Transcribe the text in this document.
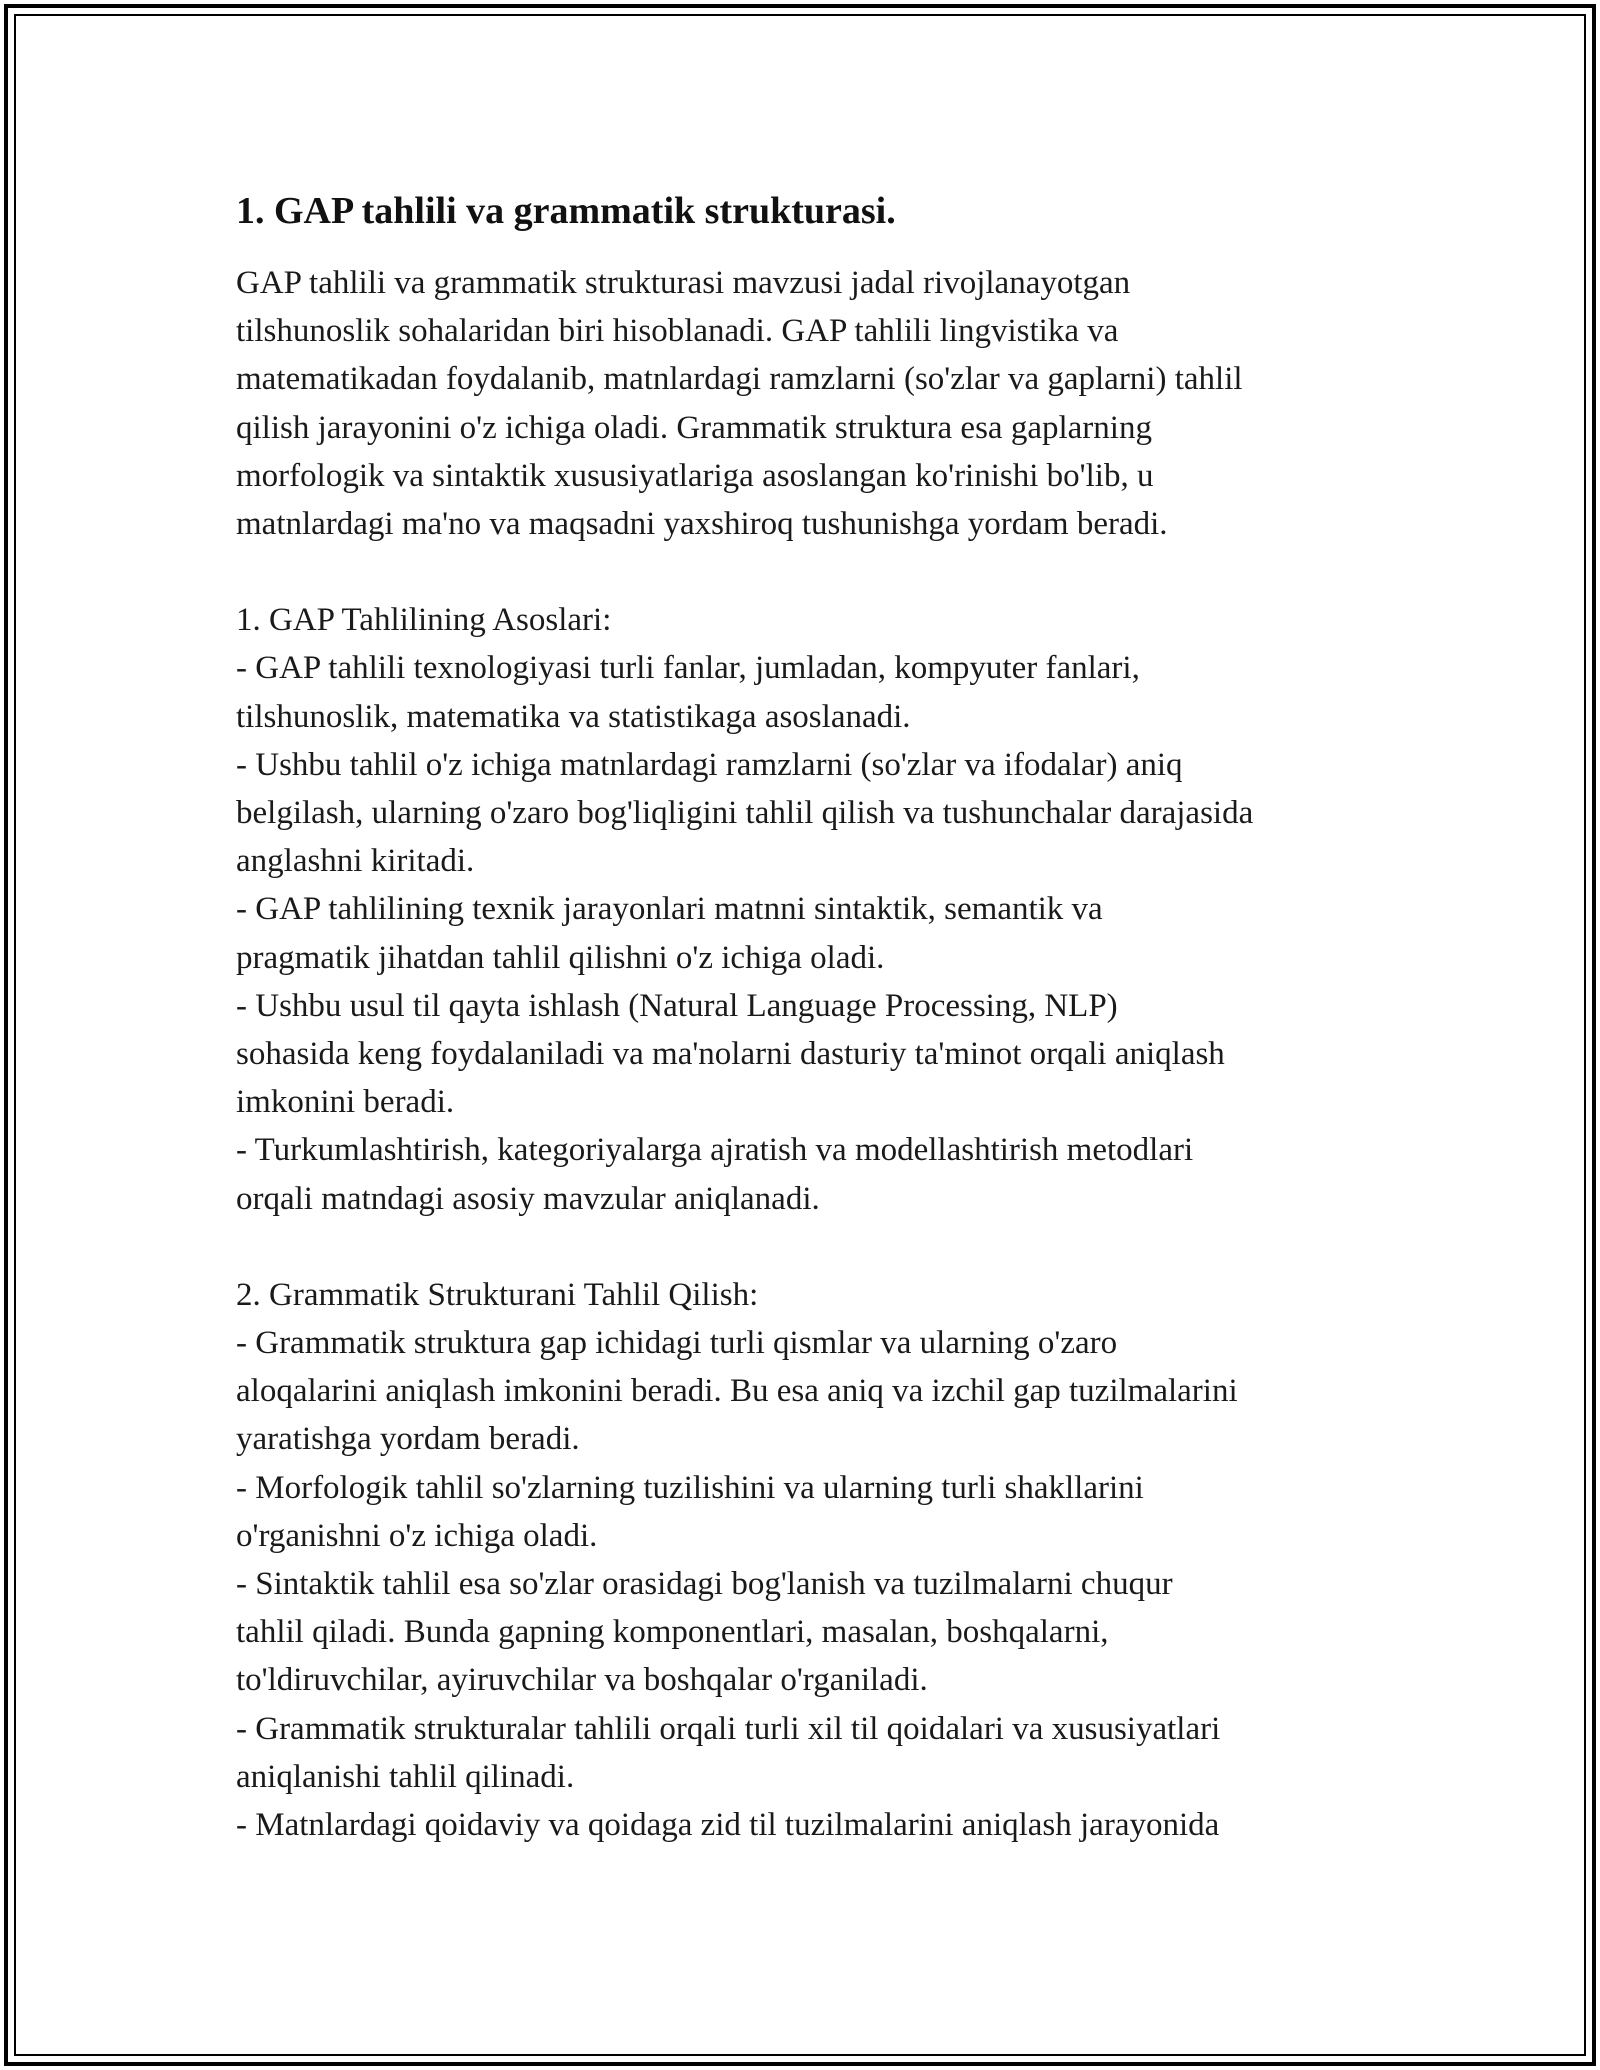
1. GAP tahlili va grammatik strukturasi.

GAP tahlili va grammatik strukturasi mavzusi jadal rivojlanayotgan
tilshunoslik sohalaridan biri hisoblanadi. GAP tahlili lingvistika va
matematikadan foydalanib, matnlardagi ramzlarni (so'zlar va gaplarni) tahlil
qilish jarayonini o'z ichiga oladi. Grammatik struktura esa gaplarning
morfologik va sintaktik xususiyatlariga asoslangan ko'rinishi bo'lib, u
matnlardagi ma'no va maqsadni yaxshiroq tushunishga yordam beradi.

1. GAP Tahlilining Asoslari:

- GAP tahlili texnologiyasi turli fanlar, jumladan, kompyuter fanlari,
tilshunoslik, matematika va statistikaga asoslanadi.

- Ushbu tahlil o'z ichiga matnlardagi ramzlarni (so'zlar va ifodalar) aniq
belgilash, ularning o'zaro bog'liqligini tahlil qilish va tushunchalar darajasida
anglashni kiritadi.

- GAP tahlilining texnik jarayonlari matnni sintaktik, semantik va
pragmatik jihatdan tahlil qilishni o'z ichiga oladi.

- Ushbu usul til qayta ishlash (Natural Language Processing, NLP)
sohasida keng foydalaniladi va ma'nolarni dasturiy ta'minot orqali aniqlash
imkonini beradi.

- Turkumlashtirish, kategoriyalarga ajratish va modellashtirish metodlari
orqali matndagi asosiy mavzular aniqlanadi.

2. Grammatik Strukturani Tahlil Qilish:

- Grammatik struktura gap ichidagi turli qismlar va ularning o'zaro
aloqalarini aniqlash imkonini beradi. Bu esa aniq va izchil gap tuzilmalarini
yaratishga yordam beradi.

- Morfologik tahlil so'zlarning tuzilishini va ularning turli shakllarini
o'rganishni o'z ichiga oladi.

- Sintaktik tahlil esa so'zlar orasidagi bog'lanish va tuzilmalarni chuqur
tahlil qiladi. Bunda gapning komponentlari, masalan, boshqalarni,
to'ldiruvchilar, ayiruvchilar va boshqalar o'rganiladi.

- Grammatik strukturalar tahlili orqali turli xil til qoidalari va xususiyatlari
aniqlanishi tahlil qilinadi.

- Matnlardagi qoidaviy va qoidaga zid til tuzilmalarini aniqlash jarayonida
